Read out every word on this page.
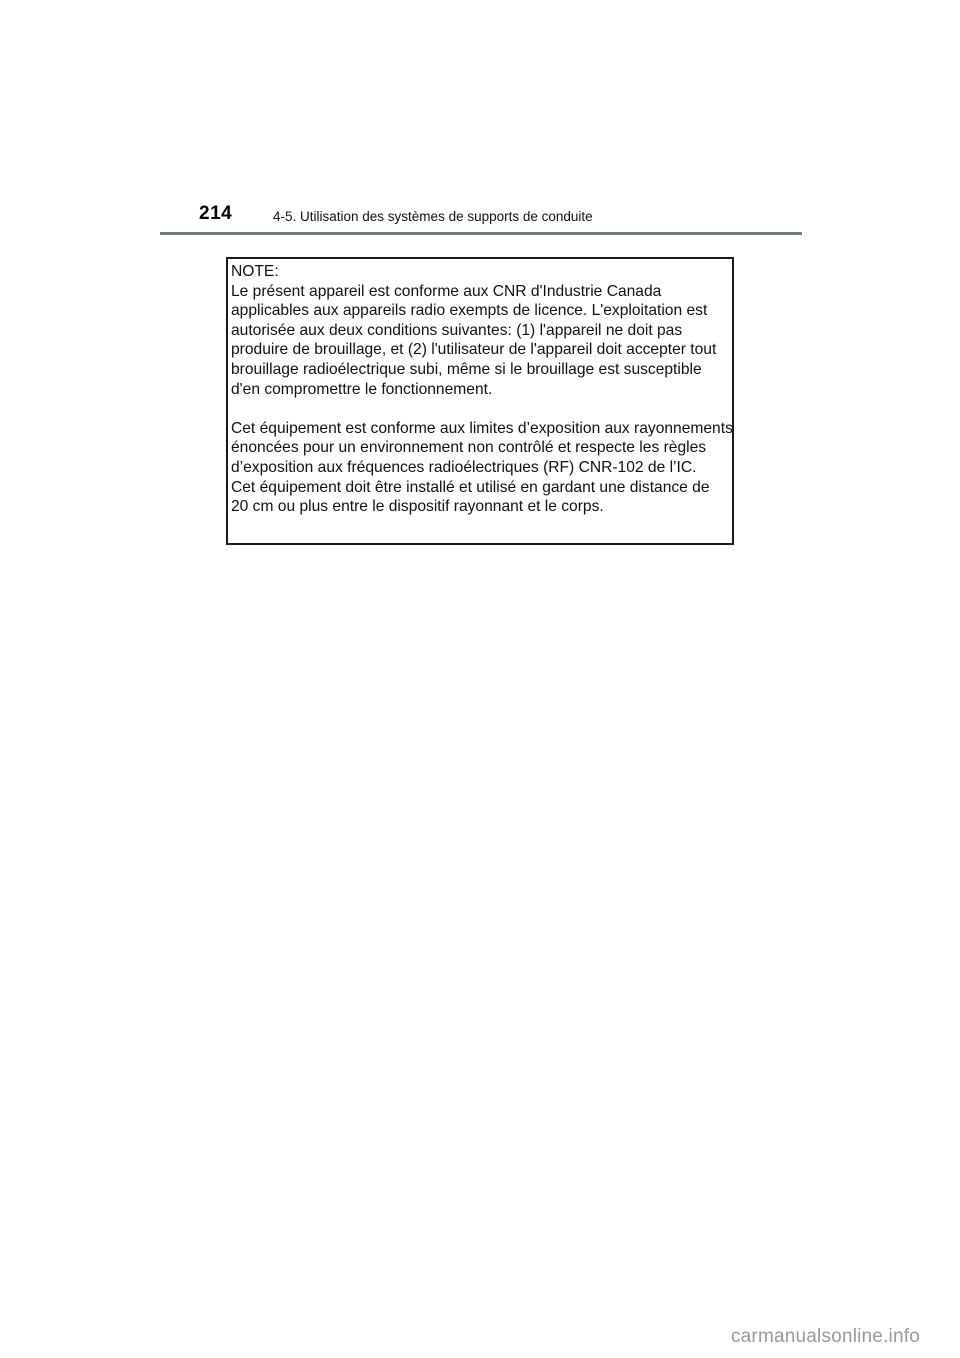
214	4-5. Utilisation des systèmes de supports de conduite
NOTE:
Le présent appareil est conforme aux CNR d'Industrie Canada
applicables aux appareils radio exempts de licence. L'exploitation est
autorisée aux deux conditions suivantes: (1) l'appareil ne doit pas
produire de brouillage, et (2) l'utilisateur de l'appareil doit accepter tout
brouillage radioélectrique subi, même si le brouillage est susceptible
d'en compromettre le fonctionnement.
Cet équipement est conforme aux limites d’exposition aux rayonnements
énoncées pour un environnement non contrôlé et respecte les règles
d’exposition aux fréquences radioélectriques (RF) CNR-102 de l’IC.
Cet équipement doit être installé et utilisé en gardant une distance de
20 cm ou plus entre le dispositif rayonnant et le corps.
carmanualsonline.info
